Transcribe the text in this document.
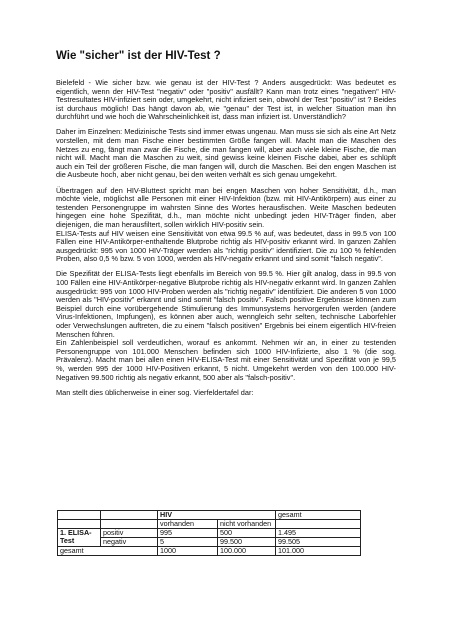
Wie "sicher" ist der HIV-Test ?

Bielefeld - Wie sicher bzw. wie genau ist der HIV-Test ? Anders ausgedrückt: Was bedeutet es eigentlich, wenn der HIV-Test "negativ" oder "positiv" ausfällt? Kann man trotz eines "negativen" HIV-Testresultates HIV-infiziert sein oder, umgekehrt, nicht infiziert sein, obwohl der Test "positiv" ist ? Beides ist durchaus möglich! Das hängt davon ab, wie "genau" der Test ist, in welcher Situation man ihn durchführt und wie hoch die Wahrscheinlichkeit ist, dass man infiziert ist. Unverständlich?

Daher im Einzelnen: Medizinische Tests sind immer etwas ungenau. Man muss sie sich als eine Art Netz vorstellen, mit dem man Fische einer bestimmten Größe fangen will. Macht man die Maschen des Netzes zu eng, fängt man zwar die Fische, die man fangen will, aber auch viele kleine Fische, die man nicht will. Macht man die Maschen zu weit, sind gewiss keine kleinen Fische dabei, aber es schlüpft auch ein Teil der größeren Fische, die man fangen will, durch die Maschen. Bei den engen Maschen ist die Ausbeute hoch, aber nicht genau, bei den weiten verhält es sich genau umgekehrt.

Übertragen auf den HIV-Bluttest spricht man bei engen Maschen von hoher Sensitivität, d.h., man möchte viele, möglichst alle Personen mit einer HIV-Infektion (bzw. mit HIV-Antikörpern) aus einer zu testenden Personengruppe im wahrsten Sinne des Wortes herausfischen. Weite Maschen bedeuten hingegen eine hohe Spezifität, d.h., man möchte nicht unbedingt jeden HIV-Träger finden, aber diejenigen, die man herausfiltert, sollen wirklich HIV-positiv sein.
ELISA-Tests auf HIV weisen eine Sensitivität von etwa 99.5 % auf, was bedeutet, dass in 99.5 von 100 Fällen eine HIV-Antikörper-enthaltende Blutprobe richtig als HIV-positiv erkannt wird. In ganzen Zahlen ausgedrückt: 995 von 1000 HIV-Träger werden als "richtig positiv" identifiziert. Die zu 100 % fehlenden Proben, also 0,5 % bzw. 5 von 1000, werden als HIV-negativ erkannt und sind somit "falsch negativ".

Die Spezifität der ELISA-Tests liegt ebenfalls im Bereich von 99.5 %. Hier gilt analog, dass in 99.5 von 100 Fällen eine HIV-Antikörper-negative Blutprobe richtig als HIV-negativ erkannt wird. In ganzen Zahlen ausgedrückt: 995 von 1000 HIV-Proben werden als "richtig negativ" identifiziert. Die anderen 5 von 1000 werden als "HIV-positiv" erkannt und sind somit "falsch positiv". Falsch positive Ergebnisse können zum Beispiel durch eine vorübergehende Stimulierung des Immunsystems hervorgerufen werden (andere Virus-Infektionen, Impfungen), es können aber auch, wenngleich sehr selten, technische Laborfehler oder Verwechslungen auftreten, die zu einem "falsch positiven" Ergebnis bei einem eigentlich HIV-freien Menschen führen.
Ein Zahlenbeispiel soll verdeutlichen, worauf es ankommt. Nehmen wir an, in einer zu testenden Personengruppe von 101.000 Menschen befinden sich 1000 HIV-Infizierte, also 1 % (die sog. Prävalenz). Macht man bei allen einen HIV-ELISA-Test mit einer Sensitivität und Spezifität von je 99,5 %, werden 995 der 1000 HIV-Positiven erkannt, 5 nicht. Umgekehrt werden von den 100.000 HIV-Negativen 99.500 richtig als negativ erkannt, 500 aber als "falsch-positiv".

Man stellt dies üblicherweise in einer sog. Vierfeldertafel dar:

		HIV		gesamt
		vorhanden	nicht vorhanden	
1. ELISA-Test	positiv	995	500	1.495
	negativ	5	99.500	99.505
gesamt		1000	100.000	101.000
